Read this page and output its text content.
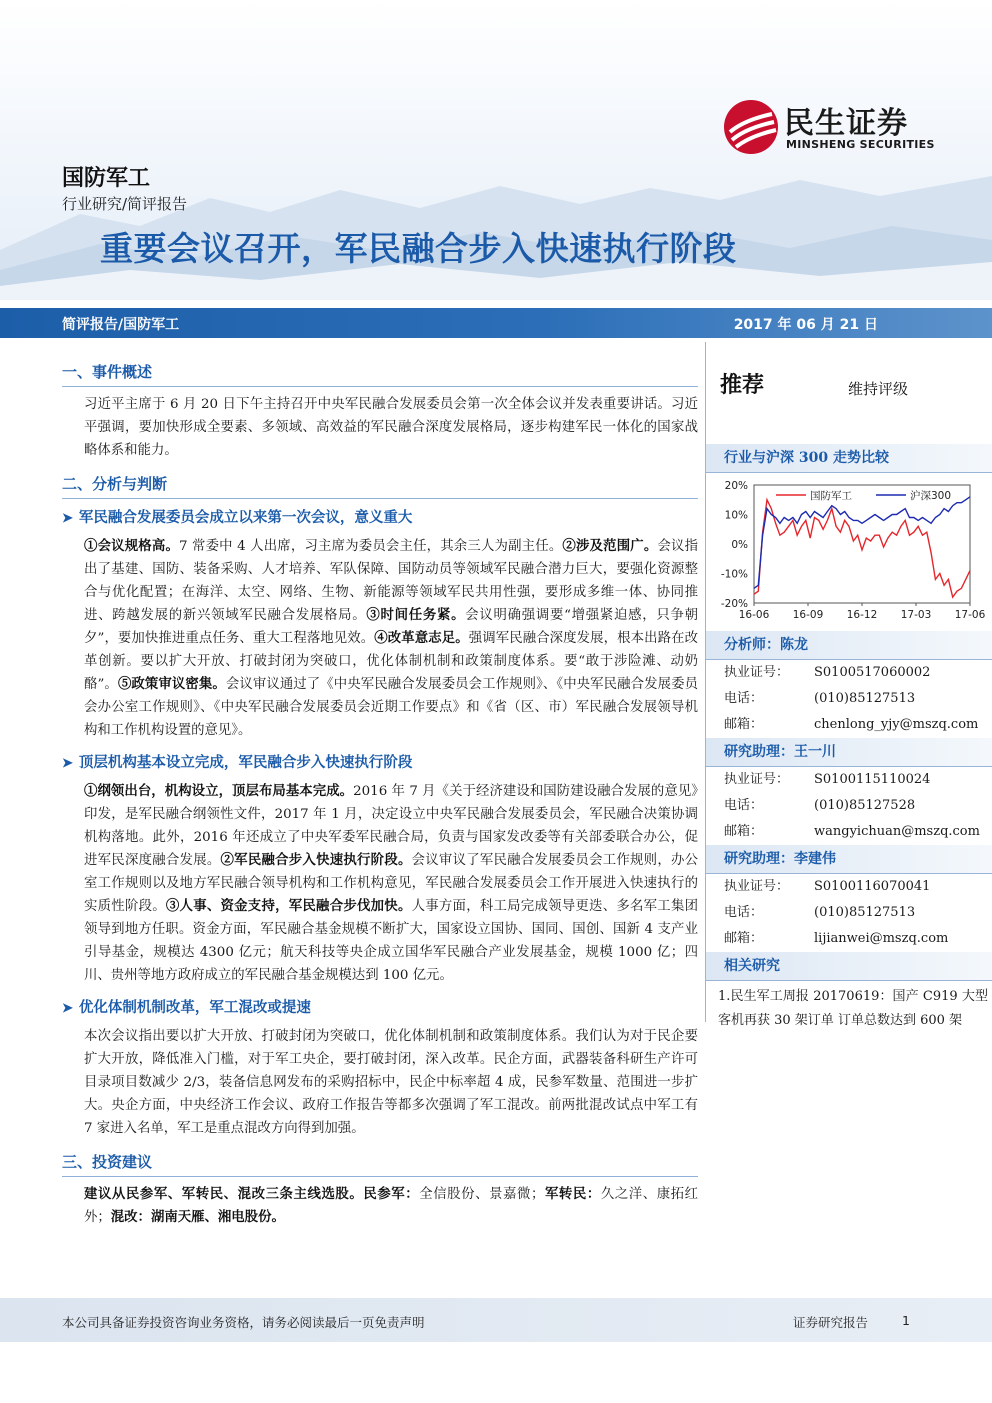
民生证券
MINSHENG SECURITIES
国防军工
行业研究/简评报告
重要会议召开，军民融合步入快速执行阶段
简评报告/国防军工	2017 年 06 月 21 日
一、事件概述

习近平主席于 6 月 20 日下午主持召开中央军民融合发展委员会第一次全体会议并发表重要讲话。习近平强调，要加快形成全要素、多领域、高效益的军民融合深度发展格局，逐步构建军民一体化的国家战略体系和能力。

二、分析与判断
➤ 军民融合发展委员会成立以来第一次会议，意义重大

①会议规格高。7 常委中 4 人出席，习主席为委员会主任，其余三人为副主任。②涉及范围广。会议指出了基建、国防、装备采购、人才培养、军队保障、国防动员等领域军民融合潜力巨大，要强化资源整合与优化配置；在海洋、太空、网络、生物、新能源等领域军民共用性强，要形成多维一体、协同推进、跨越发展的新兴领域军民融合发展格局。③时间任务紧。会议明确强调要“增强紧迫感，只争朝夕”，要加快推进重点任务、重大工程落地见效。④改革意志足。强调军民融合深度发展，根本出路在改革创新。要以扩大开放、打破封闭为突破口，优化体制机制和政策制度体系。要“敢于涉险滩、动奶酪”。⑤政策审议密集。会议审议通过了《中央军民融合发展委员会工作规则》、《中央军民融合发展委员会办公室工作规则》、《中央军民融合发展委员会近期工作要点》和《省（区、市）军民融合发展领导机构和工作机构设置的意见》。

➤ 顶层机构基本设立完成，军民融合步入快速执行阶段

①纲领出台，机构设立，顶层布局基本完成。2016 年 7 月《关于经济建设和国防建设融合发展的意见》印发，是军民融合纲领性文件，2017 年 1 月，决定设立中央军民融合发展委员会，军民融合决策协调机构落地。此外，2016 年还成立了中央军委军民融合局，负责与国家发改委等有关部委联合办公，促进军民深度融合发展。②军民融合步入快速执行阶段。会议审议了军民融合发展委员会工作规则，办公室工作规则以及地方军民融合领导机构和工作机构意见，军民融合发展委员会工作开展进入快速执行的实质性阶段。③人事、资金支持，军民融合步伐加快。人事方面，科工局完成领导更迭、多名军工集团领导到地方任职。资金方面，军民融合基金规模不断扩大，国家设立国协、国同、国创、国新 4 支产业引导基金，规模达 4300 亿元；航天科技等央企成立国华军民融合产业发展基金，规模 1000 亿；四川、贵州等地方政府成立的军民融合基金规模达到 100 亿元。

➤ 优化体制机制改革，军工混改或提速

本次会议指出要以扩大开放、打破封闭为突破口，优化体制机制和政策制度体系。我们认为对于民企要扩大开放，降低准入门槛，对于军工央企，要打破封闭，深入改革。民企方面，武器装备科研生产许可目录项目数减少 2/3，装备信息网发布的采购招标中，民企中标率超 4 成，民参军数量、范围进一步扩大。央企方面，中央经济工作会议、政府工作报告等都多次强调了军工混改。前两批混改试点中军工有 7 家进入名单，军工是重点混改方向得到加强。

三、投资建议

建议从民参军、军转民、混改三条主线选股。民参军：全信股份、景嘉微；军转民：久之洋、康拓红外；混改：湖南天雁、湘电股份。

推荐	维持评级
行业与沪深 300 走势比较
20%
10%
0%
-10%
-20%
16-06 16-09 16-12 17-03 17-06
国防军工	沪深300
分析师：陈龙
执业证号： S0100517060002
电话：	(010)85127513
邮箱：	chenlong_yjy@mszq.com
研究助理：王一川
执业证号： S0100115110024
电话：	(010)85127528
邮箱：	wangyichuan@mszq.com
研究助理：李建伟
执业证号： S0100116070041
电话：	(010)85127513
邮箱：	lijianwei@mszq.com
相关研究
1.民生军工周报 20170619：国产 C919 大型客机再获 30 架订单 订单总数达到 600 架
本公司具备证券投资咨询业务资格，请务必阅读最后一页免责声明	证券研究报告	1
